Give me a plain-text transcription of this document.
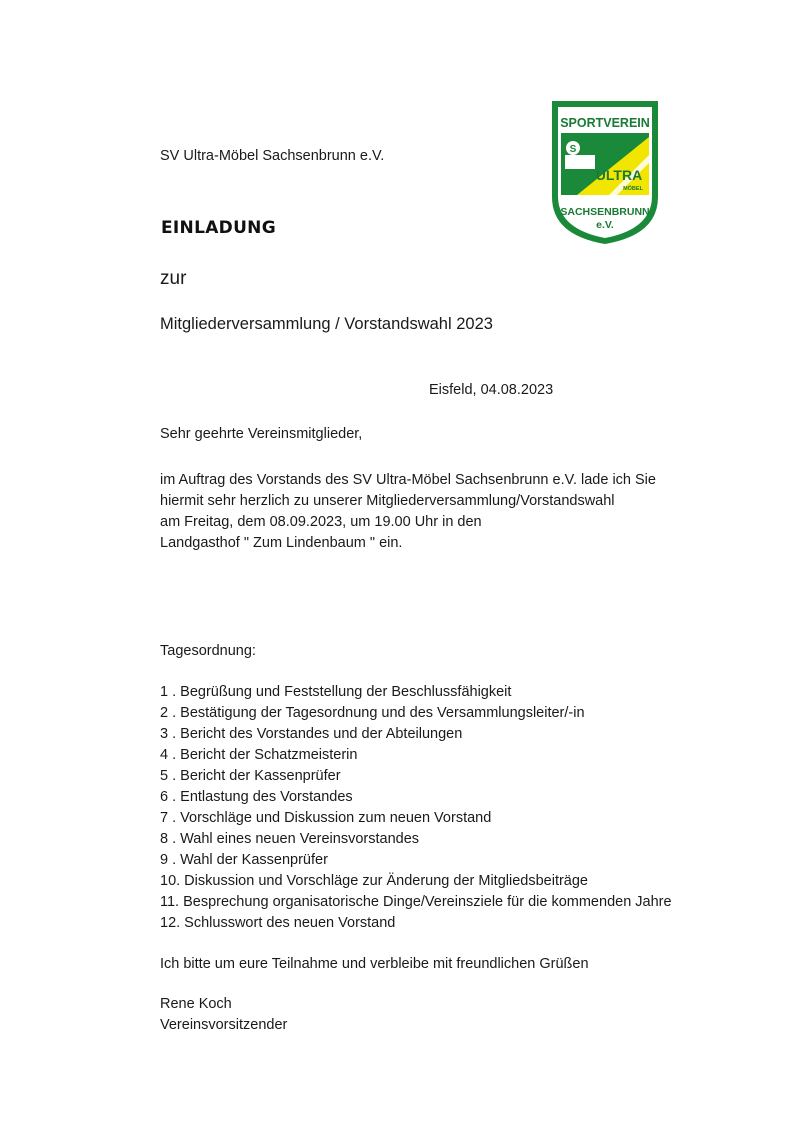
SV Ultra-Möbel Sachsenbrunn e.V.
SPORTVEREIN
S
ULTRA
MÖBEL
SACHSENBRUNN
e.V.
EINLADUNG
zur
Mitgliederversammlung / Vorstandswahl 2023
Eisfeld, 04.08.2023
Sehr geehrte Vereinsmitglieder,
im Auftrag des Vorstands des SV Ultra-Möbel Sachsenbrunn e.V. lade ich Sie
hiermit sehr herzlich zu unserer Mitgliederversammlung/Vorstandswahl
am Freitag, dem 08.09.2023, um 19.00 Uhr in den
Landgasthof " Zum Lindenbaum " ein.
Tagesordnung:
1 . Begrüßung und Feststellung der Beschlussfähigkeit
2 . Bestätigung der Tagesordnung und des Versammlungsleiter/-in
3 . Bericht des Vorstandes und der Abteilungen
4 . Bericht der Schatzmeisterin
5 . Bericht der Kassenprüfer
6 . Entlastung des Vorstandes
7 . Vorschläge und Diskussion zum neuen Vorstand
8 . Wahl eines neuen Vereinsvorstandes
9 . Wahl der Kassenprüfer
10. Diskussion und Vorschläge zur Änderung der Mitgliedsbeiträge
11. Besprechung organisatorische Dinge/Vereinsziele für die kommenden Jahre
12. Schlusswort des neuen Vorstand
Ich bitte um eure Teilnahme und verbleibe mit freundlichen Grüßen
Rene Koch
Vereinsvorsitzender
